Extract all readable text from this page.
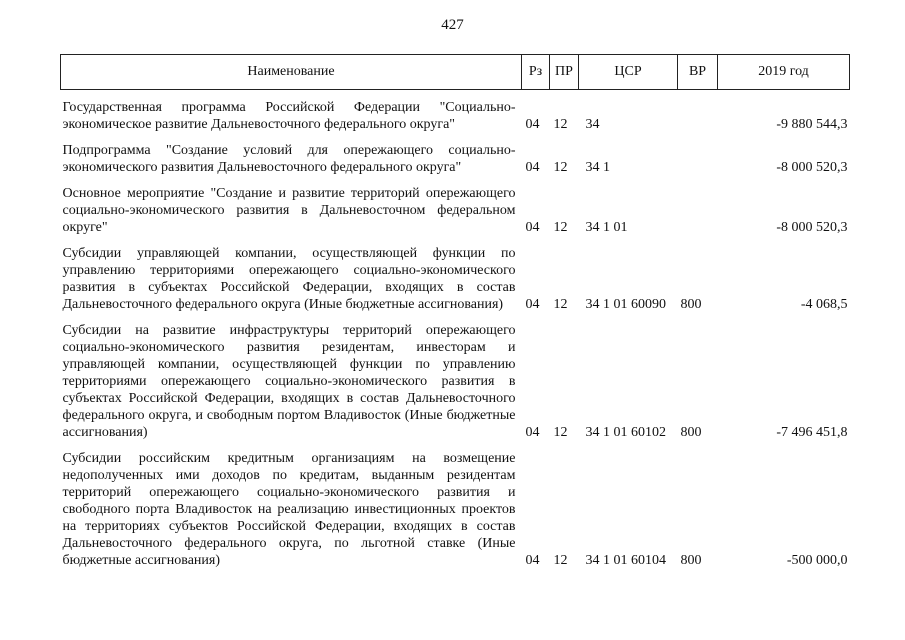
427
Наименование	Рз	ПР	ЦСР	ВР	2019 год

Государственная программа Российской Федерации "Социально-экономическое развитие Дальневосточного федерального округа"	04	12	34		-9 880 544,3

Подпрограмма "Создание условий для опережающего социально-экономического развития Дальневосточного федерального округа"	04	12	34 1		-8 000 520,3

Основное мероприятие "Создание и развитие территорий опережающего социально-экономического развития в Дальневосточном федеральном округе"	04	12	34 1 01		-8 000 520,3

Субсидии управляющей компании, осуществляющей функции по управлению территориями опережающего социально-экономического развития в субъектах Российской Федерации, входящих в состав Дальневосточного федерального округа (Иные бюджетные ассигнования)	04	12	34 1 01 60090	800	-4 068,5

Субсидии на развитие инфраструктуры территорий опережающего социально-экономического развития резидентам, инвесторам и управляющей компании, осуществляющей функции по управлению территориями опережающего социально-экономического развития в субъектах Российской Федерации, входящих в состав Дальневосточного федерального округа, и свободным портом Владивосток (Иные бюджетные ассигнования)	04	12	34 1 01 60102	800	-7 496 451,8

Субсидии российским кредитным организациям на возмещение недополученных ими доходов по кредитам, выданным резидентам территорий опережающего социально-экономического развития и свободного порта Владивосток на реализацию инвестиционных проектов на территориях субъектов Российской Федерации, входящих в состав Дальневосточного федерального округа, по льготной ставке (Иные бюджетные ассигнования)	04	12	34 1 01 60104	800	-500 000,0
